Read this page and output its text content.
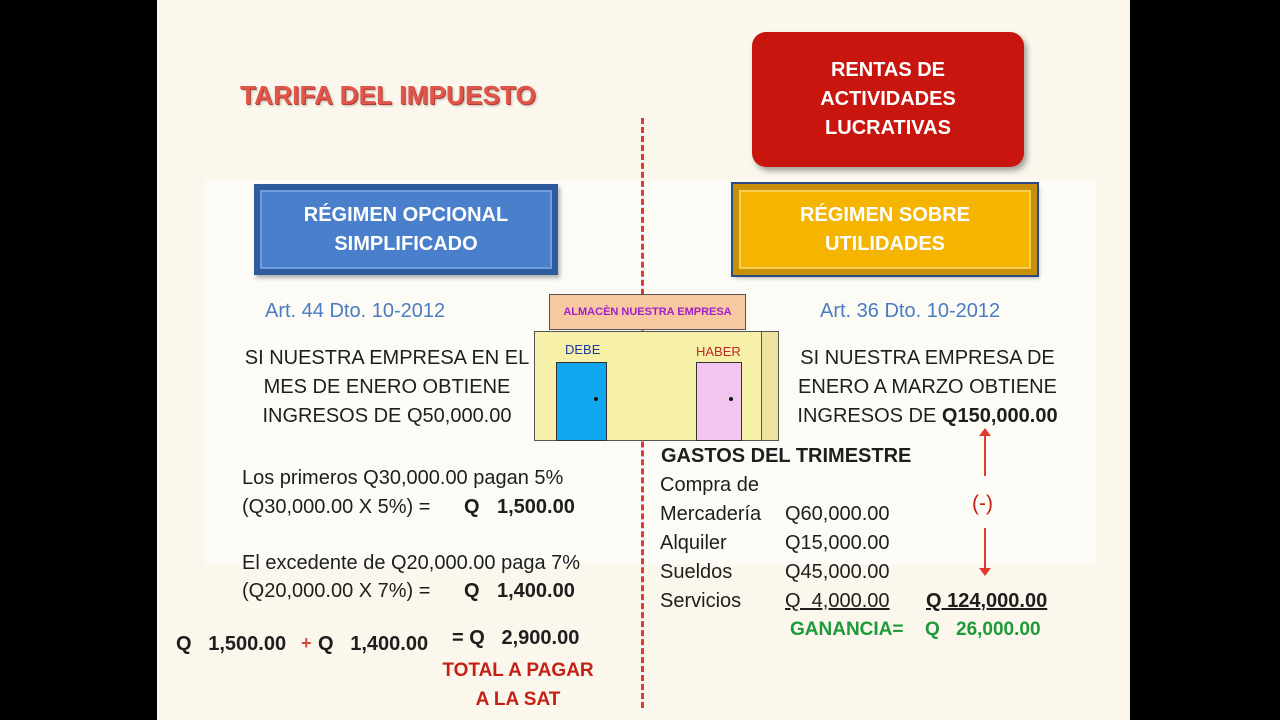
TARIFA DEL IMPUESTO
RENTAS DE
ACTIVIDADES
LUCRATIVAS
RÉGIMEN OPCIONAL
SIMPLIFICADO
RÉGIMEN SOBRE
UTILIDADES
Art. 44 Dto. 10-2012	Art. 36 Dto. 10-2012
ALMACÈN NUESTRA EMPRESA
DEBE	HABER
SI NUESTRA EMPRESA EN EL
MES DE ENERO OBTIENE
INGRESOS DE Q50,000.00
SI NUESTRA EMPRESA DE
ENERO A MARZO OBTIENE
INGRESOS DE Q150,000.00
Los primeros Q30,000.00 pagan 5%
(Q30,000.00 X 5%) = Q 1,500.00
El excedente de Q20,000.00 paga 7%
(Q20,000.00 X 7%) = Q 1,400.00
Q   1,500.00 + Q   1,400.00 = Q   2,900.00
TOTAL A PAGAR
A LA SAT
GASTOS DEL TRIMESTRE
Compra de
Mercadería Q60,000.00
Alquiler	Q15,000.00
Sueldos	Q45,000.00
Servicios Q  4,000.00 Q 124,000.00
GANANCIA= Q 26,000.00
(-)
